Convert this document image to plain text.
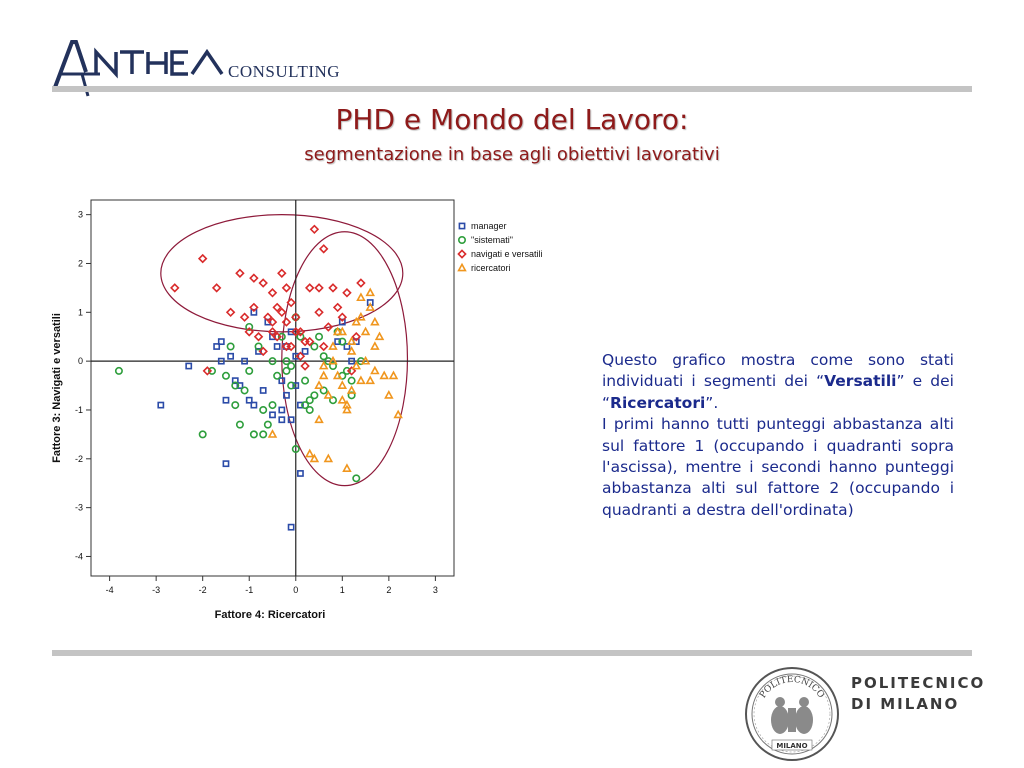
CONSULTING
PHD e Mondo del Lavoro:
segmentazione in base agli obiettivi lavorativi
-4	-3	-2	-1	0	1	2	3
3
2
1
0
-1
-2
-3
-4
manager
"sistemati"
navigati e versatili
ricercatori
Fattore 4: Ricercatori
Fattore 3: Navigati e versatili	Questo grafico mostra come sono stati individuati i segmenti dei “Versatili” e dei “Ricercatori”.
I primi hanno tutti punteggi abbastanza alti sul fattore 1 (occupando i quadranti sopra l'ascissa), mentre i secondi hanno punteggi abbastanza alti sul fattore 2 (occupando i quadranti a destra dell'ordinata)
POLITECNICO
MILANO
POLITECNICO
DI MILANO
